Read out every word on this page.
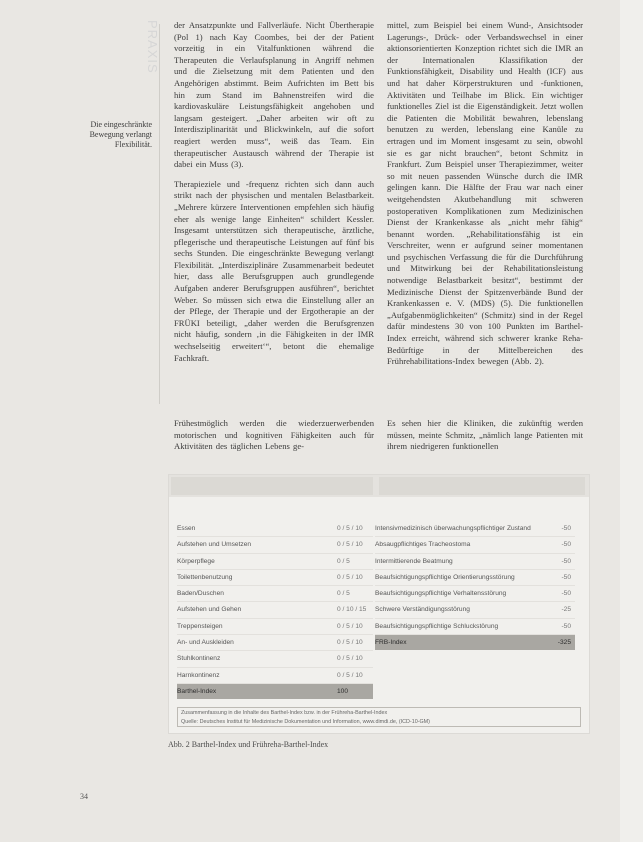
PRAXIS
Die eingeschränkte Bewegung verlangt Flexibilität.

der Ansatzpunkte und Fallverläufe. Nicht Übertherapie (Pol 1) nach Kay Coombes, bei der der Patient vorzeitig in ein Vitalfunktionen während die Therapeuten die Verlaufsplanung in Angriff nehmen und die Zielsetzung mit dem Patienten und den Angehörigen abstimmt. Beim Aufrichten im Bett bis hin zum Stand im Bahnenstreifen wird die kardiovaskuläre Leistungsfähigkeit angehoben und langsam gesteigert. „Daher arbeiten wir oft zu Interdisziplinarität und Blickwinkeln, auf die sofort reagiert werden muss“, weiß das Team. Ein therapeutischer Austausch während der Therapie ist dabei ein Muss (3).

Therapieziele und -frequenz richten sich dann auch strikt nach der physischen und mentalen Belastbarkeit. „Mehrere kürzere Interventionen empfehlen sich häufig eher als wenige lange Einheiten“ schildert Kessler. Insgesamt unterstützen sich therapeutische, ärztliche, pflegerische und therapeutische Leistungen auf fünf bis sechs Stunden. Die eingeschränkte Bewegung verlangt Flexibilität. „Interdisziplinäre Zusammenarbeit bedeutet hier, dass alle Berufsgruppen auch grundlegende Aufgaben anderer Berufsgruppen ausführen“, berichtet Weber. So müssen sich etwa die Einstellung aller an der Pflege, der Therapie und der Ergotherapie an der FRÜKI beteiligt, „daher werden die Berufsgrenzen nicht häufig, sondern ‚in die Fähigkeiten in der IMR wechselseitig erweitert‘“, betont die ehemalige Fachkraft.

mittel, zum Beispiel bei einem Wund-, Ansichtsoder Lagerungs-, Drück- oder Verbandswechsel in einer aktionsorientierten Konzeption richtet sich die IMR an der Internationalen Klassifikation der Funktionsfähigkeit, Disability und Health (ICF) aus und hat daher Körperstrukturen und -funktionen, Aktivitäten und Teilhabe im Blick. Ein wichtiger funktionelles Ziel ist die Eigenständigkeit. Jetzt wollen die Patienten die Mobilität bewahren, lebenslang benutzen zu werden, lebenslang eine Kanüle zu ertragen und im Moment insgesamt zu sein, obwohl sie es gar nicht brauchen“, betont Schmitz in Frankfurt. Zum Beispiel unser Therapiezimmer, weiter so mit neuen passenden Wünsche durch die IMR gelingen kann. Die Hälfte der Frau war nach einer weitgehendsten Akutbehandlung mit schweren postoperativen Komplikationen zum Medizinischen Dienst der Krankenkasse als „nicht mehr fähig“ benannt worden. „Rehabilitationsfähig ist ein Verschreiter, wenn er aufgrund seiner momentanen und psychischen Verfassung die für die Durchführung und Mitwirkung bei der Rehabilitationsleistung notwendige Belastbarkeit besitzt“, bestimmt der Medizinische Dienst der Spitzenverbände Bund der Krankenkassen e. V. (MDS) (5). Die funktionellen „Aufgabenmöglichkeiten“ (Schmitz) sind in der Regel dafür mindestens 30 von 100 Punkten im Barthel-Index erreicht, während sich schwerer kranke Reha-Bedürftige in der Mittelbereichen des Frührehabilitations-Index bewegen (Abb. 2).

Frühestmöglich werden die wiederzuerwerbenden motorischen und kognitiven Fähigkeiten auch für Aktivitäten des täglichen Lebens ge-

Es sehen hier die Kliniken, die zukünftig werden müssen, meinte Schmitz, „nämlich lange Patienten mit ihrem niedrigeren funktionellen

Essen	0 / 5 / 10
Aufstehen und Umsetzen	0 / 5 / 10
Körperpflege	0 / 5
Toilettenbenutzung	0 / 5 / 10
Baden/Duschen	0 / 5
Aufstehen und Gehen	0 / 10 / 15
Treppensteigen	0 / 5 / 10
An- und Auskleiden	0 / 5 / 10
Stuhlkontinenz	0 / 5 / 10
Harnkontinenz	0 / 5 / 10
Barthel-Index	100
Intensivmedizinisch überwachungspflichtiger Zustand	-50
Absaugpflichtiges Tracheostoma	-50
Intermittierende Beatmung	-50
Beaufsichtigungspflichtige Orientierungsstörung	-50
Beaufsichtigungspflichtige Verhaltensstörung	-50
Schwere Verständigungsstörung	-25
Beaufsichtigungspflichtige Schluckstörung	-50
FRB-Index	-325
Zusammenfassung in die Inhalte des Barthel-Index bzw. in der Frühreha-Barthel-Index
Quelle: Deutsches Institut für Medizinische Dokumentation und Information, www.dimdi.de, (ICD-10-GM)
Abb. 2 Barthel-Index und Frühreha-Barthel-Index
34
